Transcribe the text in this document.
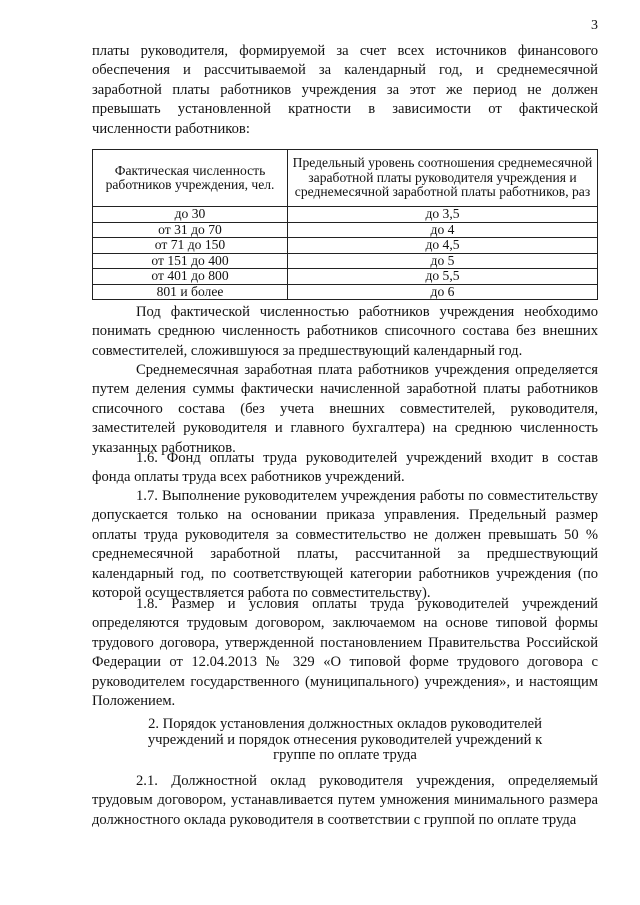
3

платы руководителя, формируемой за счет всех источников финансового обеспечения и рассчитываемой за календарный год, и среднемесячной заработной платы работников учреждения за этот же период не должен превышать установленной кратности в зависимости от фактической численности работников:

Фактическая численность работников учреждения, чел.	Предельный уровень соотношения среднемесячной заработной платы руководителя учреждения и среднемесячной заработной платы работников, раз
до 30	до 3,5
от 31 до 70	до 4
от 71 до 150	до 4,5
от 151 до 400	до 5
от 401 до 800	до 5,5
801 и более	до 6

Под фактической численностью работников учреждения необходимо понимать среднюю численность работников списочного состава без внешних совместителей, сложившуюся за предшествующий календарный год.

Среднемесячная заработная плата работников учреждения определяется путем деления суммы фактически начисленной заработной платы работников списочного состава (без учета внешних совместителей, руководителя, заместителей руководителя и главного бухгалтера) на среднюю численность указанных работников.

1.6. Фонд оплаты труда руководителей учреждений входит в состав фонда оплаты труда всех работников учреждений.

1.7. Выполнение руководителем учреждения работы по совместительству допускается только на основании приказа управления. Предельный размер оплаты труда руководителя за совместительство не должен превышать 50 % среднемесячной заработной платы, рассчитанной за предшествующий календарный год, по соответствующей категории работников учреждения (по которой осуществляется работа по совместительству).

1.8. Размер и условия оплаты труда руководителей учреждений определяются трудовым договором, заключаемом на основе типовой формы трудового договора, утвержденной постановлением Правительства Российской Федерации от 12.04.2013 № 329 «О типовой форме трудового договора с руководителем государственного (муниципального) учреждения», и настоящим Положением.

2. Порядок установления должностных окладов руководителей учреждений и порядок отнесения руководителей учреждений к группе по оплате труда

2.1. Должностной оклад руководителя учреждения, определяемый трудовым договором, устанавливается путем умножения минимального размера должностного оклада руководителя в соответствии с группой по оплате труда
